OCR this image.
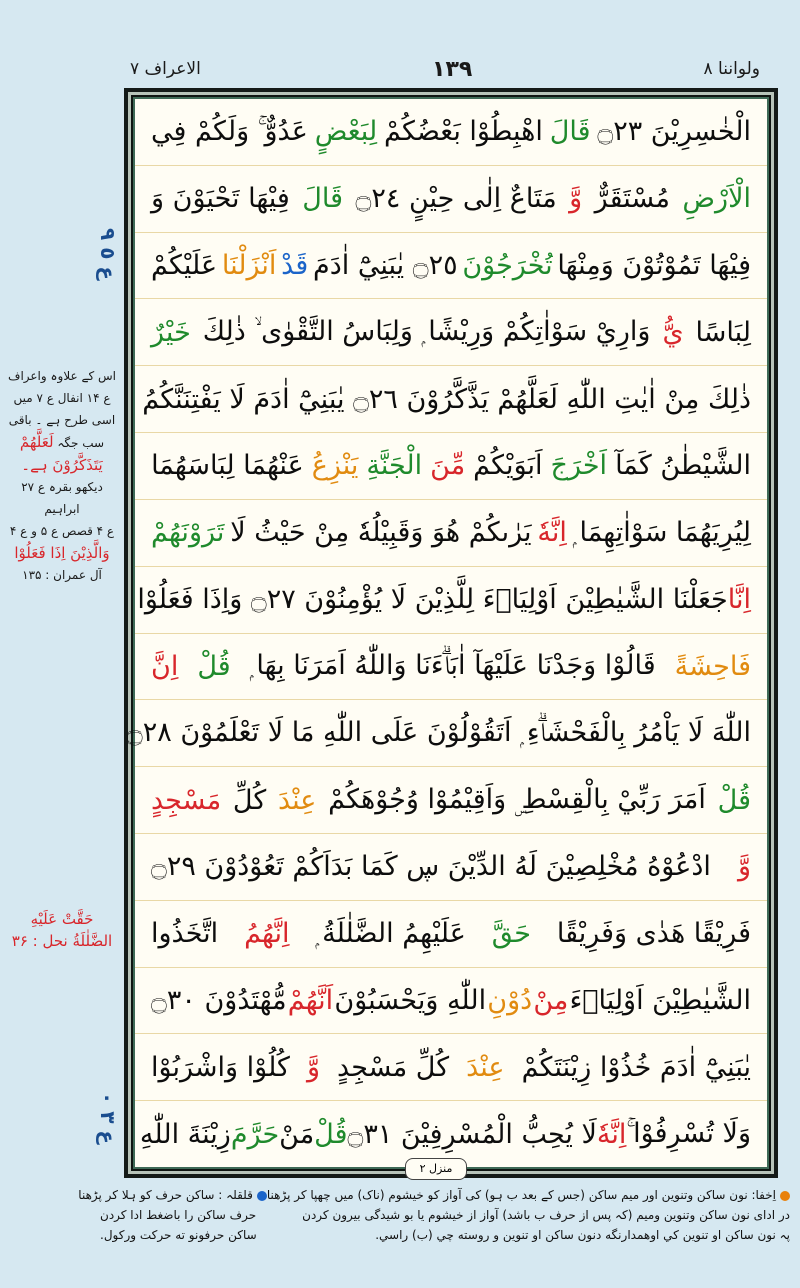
ولواننا ۸
١٣٩
الاعراف ۷
الْخٰسِرِيْنَ ۝٢٣
قَالَ
اهْبِطُوْا بَعْضُكُمْ
لِبَعْضٍ
عَدُوٌّ ۚ وَلَكُمْ فِي
الْاَرْضِ
مُسْتَقَرٌّ
وَّ
مَتَاعٌ اِلٰى حِيْنٍ ۝٢٤
قَالَ
فِيْهَا تَحْيَوْنَ وَ
فِيْهَا تَمُوْتُوْنَ وَمِنْهَا
تُخْرَجُوْنَ
۝٢٥ يٰبَنِيْٓ اٰدَمَ
قَدْ
اَنْزَلْنَا
عَلَيْكُمْ
لِبَاسًا
يُّ
وَارِيْ سَوْاٰتِكُمْ وَرِيْشًا ۭ وَلِبَاسُ التَّقْوٰى ۙ ذٰلِكَ
خَيْرٌ
ذٰلِكَ مِنْ اٰيٰتِ اللّٰهِ لَعَلَّهُمْ يَذَّكَّرُوْنَ ۝٢٦ يٰبَنِيْٓ اٰدَمَ لَا يَفْتِنَنَّكُمُ
الشَّيْطٰنُ كَمَآ
اَخْرَجَ
اَبَوَيْكُمْ
مِّنَ
الْجَنَّةِ
يَنْزِعُ
عَنْهُمَا لِبَاسَهُمَا
لِيُرِيَهُمَا سَوْاٰتِهِمَا ۭ
اِنَّهٗ
يَرٰىكُمْ هُوَ وَقَبِيْلُهٗ مِنْ حَيْثُ لَا
تَرَوْنَهُمْ
اِنَّا
جَعَلْنَا الشَّيٰطِيْنَ اَوْلِيَاۗءَ لِلَّذِيْنَ لَا يُؤْمِنُوْنَ ۝٢٧ وَاِذَا فَعَلُوْا
فَاحِشَةً
قَالُوْا وَجَدْنَا عَلَيْهَآ اٰبَاۗءَنَا وَاللّٰهُ اَمَرَنَا بِهَا ۭ
قُلْ
اِنَّ
اللّٰهَ لَا يَاْمُرُ بِالْفَحْشَاۗءِ ۭ اَتَقُوْلُوْنَ عَلَى اللّٰهِ مَا لَا تَعْلَمُوْنَ ۝٢٨
قُلْ
اَمَرَ رَبِّيْ بِالْقِسْطِ ۣ وَاَقِيْمُوْا وُجُوْهَكُمْ
عِنْدَ
كُلِّ
مَسْجِدٍ
وَّ
ادْعُوْهُ مُخْلِصِيْنَ لَهُ الدِّيْنَ ڛ كَمَا بَدَاَكُمْ تَعُوْدُوْنَ ۝٢٩
فَرِيْقًا هَدٰى وَفَرِيْقًا
حَقَّ
عَلَيْهِمُ الضَّلٰلَةُ ۭ
اِنَّهُمُ
اتَّخَذُوا
الشَّيٰطِيْنَ اَوْلِيَاۗءَ
مِنْ
دُوْنِ
اللّٰهِ وَيَحْسَبُوْنَ
اَنَّهُمْ
مُّهْتَدُوْنَ ۝٣٠
يٰبَنِيْٓ اٰدَمَ خُذُوْا زِيْنَتَكُمْ
عِنْدَ
كُلِّ مَسْجِدٍ
وَّ
كُلُوْا وَاشْرَبُوْا
وَلَا تُسْرِفُوْا ۚ
اِنَّهٗ
لَا يُحِبُّ الْمُسْرِفِيْنَ ۝٣١
قُلْ
مَنْ
حَرَّمَ
زِيْنَةَ اللّٰهِ
منزل ۲
ع ٥ ۹
اس کے علاوہ واعراف
ع ۱۴ انفال ع ۷ میں
اسی طرح ہے ۔ باقی
سب جگہ لَعَلَّهُمْ
يَتَذَكَّرُوْنَ ہے۔
دیکھو بقرہ ع ۲۷ ابراہیم
ع ۴ قصص ع ۵ و ع ۴
وَالَّذِيْنَ اِذَا فَعَلُوْا
آل عمران : ۱۳۵
حَقَّتْ عَلَيْهِ
الضَّلٰلَةُ نحل : ۳۶
ع ٣ ٠
اِخفا: نون ساکن وتنوین اور میم ساکن (جس کے بعد ب ہو) کی آواز کو خیشوم (ناک) میں چھپا کر پڑھنا
قلقلہ : ساکن حرف کو ہلا کر پڑھنا
در ادای نون ساکن وتنوین ومیم (کہ پس از حرف ب باشد) آواز از خیشوم یا بو شیدگی بیرون کردن
حرف ساکن را باضغط ادا کردن
پہ نون ساکن او تنوین کي اوهمدارنگه دنون ساکن او تنوین و روسته چي (ب) راسي.
ساکن حرفونو ته حرکت ورکول.
